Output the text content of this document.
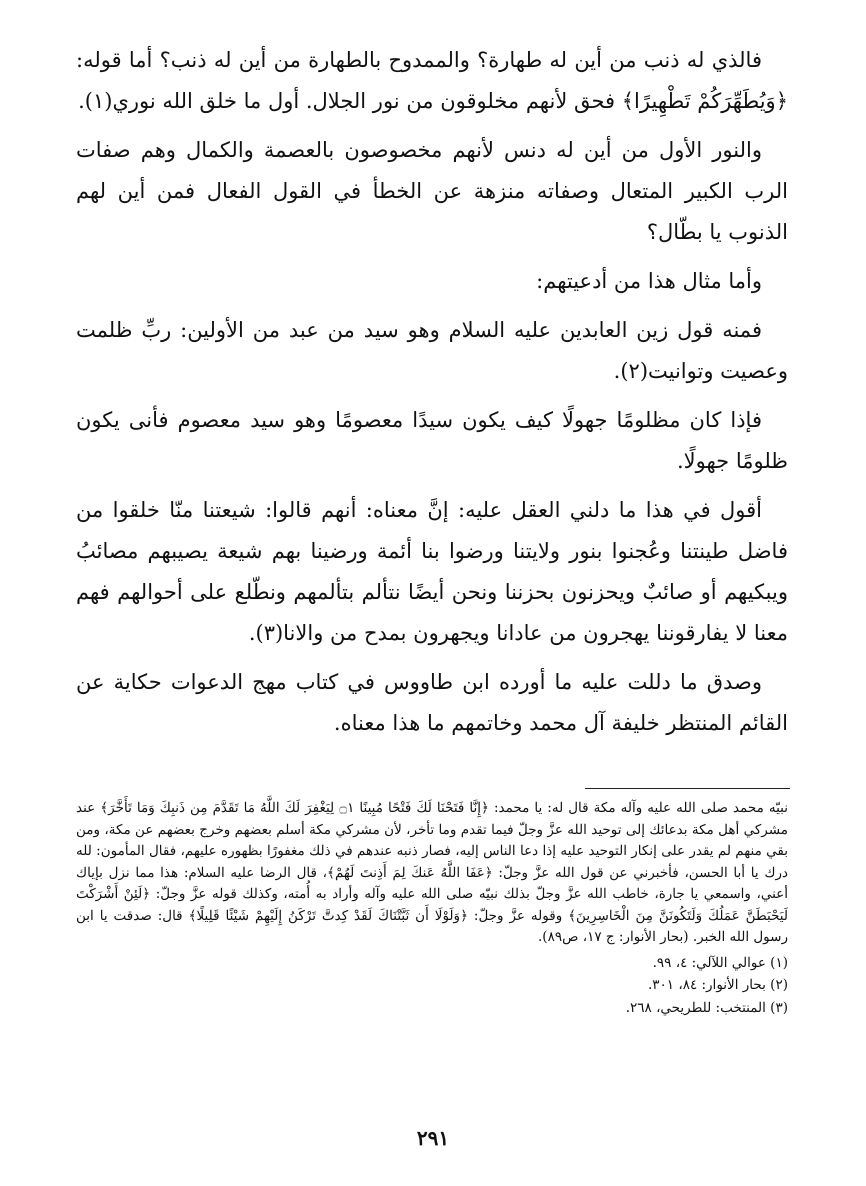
فالذي له ذنب من أين له طهارة؟ والممدوح بالطهارة من أين له ذنب؟ أما قوله: ﴿وَيُطَهِّرَكُمْ تَطْهِيرًا﴾ فحق لأنهم مخلوقون من نور الجلال. أول ما خلق الله نوري(١).

والنور الأول من أين له دنس لأنهم مخصوصون بالعصمة والكمال وهم صفات الرب الكبير المتعال وصفاته منزهة عن الخطأ في القول الفعال فمن أين لهم الذنوب يا بطّال؟

وأما مثال هذا من أدعيتهم:

فمنه قول زين العابدين عليه السلام وهو سيد من عبد من الأولين: ربِّ ظلمت وعصيت وتوانيت(٢).

فإذا كان مظلومًا جهولًا كيف يكون سيدًا معصومًا وهو سيد معصوم فأنى يكون ظلومًا جهولًا.

أقول في هذا ما دلني العقل عليه: إنَّ معناه: أنهم قالوا: شيعتنا منّا خلقوا من فاضل طينتنا وعُجنوا بنور ولايتنا ورضوا بنا أئمة ورضينا بهم شيعة يصيبهم مصائبُ ويبكيهم أو صائبٌ ويحزنون بحزننا ونحن أيضًا نتألم بتألمهم ونطّلع على أحوالهم فهم معنا لا يفارقوننا يهجرون من عادانا ويجهرون بمدح من والانا(٣).

وصدق ما دللت عليه ما أورده ابن طاووس في كتاب مهج الدعوات حكاية عن القائم المنتظر خليفة آل محمد وخاتمهم ما هذا معناه.

نبيّه محمد صلى الله عليه وآله مكة قال له: يا محمد: ﴿إِنَّا فَتَحْنَا لَكَ فَتْحًا مُبِينًا ۝١ لِيَغْفِرَ لَكَ اللَّهُ مَا تَقَدَّمَ مِن ذَنبِكَ وَمَا تَأَخَّرَ﴾ عند مشركي أهل مكة بدعائك إلى توحيد الله عزَّ وجلّ فيما تقدم وما تأخر، لأن مشركي مكة أسلم بعضهم وخرج بعضهم عن مكة، ومن بقي منهم لم يقدر على إنكار التوحيد عليه إذا دعا الناس إليه، فصار ذنبه عندهم في ذلك مغفورًا بظهوره عليهم، فقال المأمون: لله درك يا أبا الحسن، فأخبرني عن قول الله عزَّ وجلّ: ﴿عَفَا اللَّهُ عَنكَ لِمَ أَذِنتَ لَهُمْ﴾، قال الرضا عليه السلام: هذا مما نزل بإياك أعني، واسمعي يا جارة، خاطب الله عزَّ وجلّ بذلك نبيّه صلى الله عليه وآله وأراد به أُمته، وكذلك قوله عزَّ وجلّ: ﴿لَئِنْ أَشْرَكْتَ لَيَحْبَطَنَّ عَمَلُكَ وَلَتَكُونَنَّ مِنَ الْخَاسِرِينَ﴾ وقوله عزَّ وجلّ: ﴿وَلَوْلَا أَن ثَبَّتْنَاكَ لَقَدْ كِدتَّ تَرْكَنُ إِلَيْهِمْ شَيْئًا قَلِيلًا﴾ قال: صدقت يا ابن رسول الله الخبر. (بحار الأنوار: ج ١٧، ص٨٩).

(١) عوالي اللآلي: ٤، ٩٩.

(٢) بحار الأنوار: ٨٤، ٣٠١.

(٣) المنتخب: للطريحي، ٢٦٨.

٢٩١
